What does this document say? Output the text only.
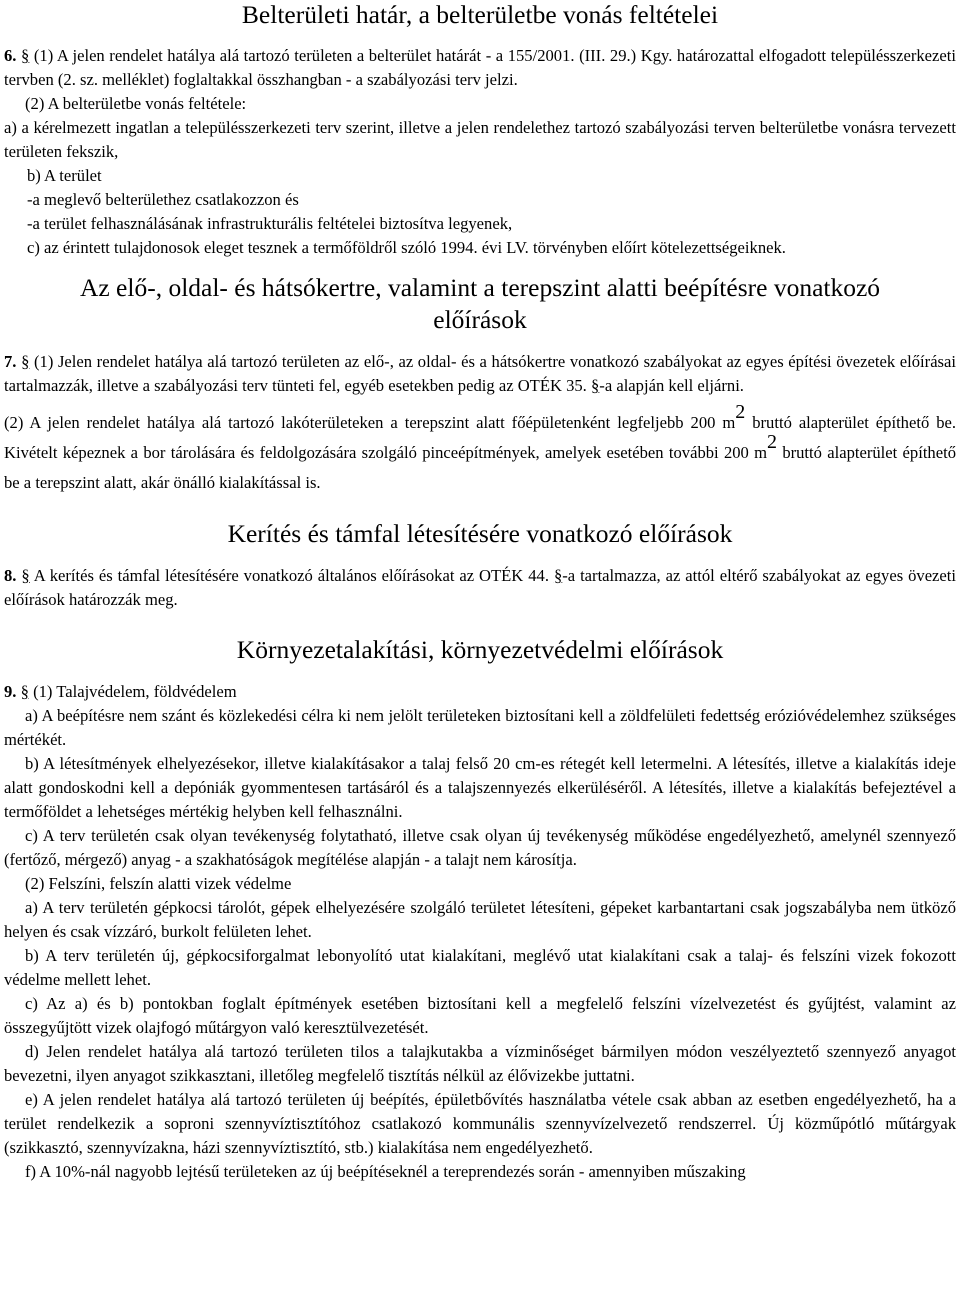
Belterületi határ, a belterületbe vonás feltételei

6. § (1) A jelen rendelet hatálya alá tartozó területen a belterület határát - a 155/2001. (III. 29.) Kgy. határozattal elfogadott településszerkezeti tervben (2. sz. melléklet) foglaltakkal összhangban - a szabályozási terv jelzi.

(2) A belterületbe vonás feltétele:

a) a kérelmezett ingatlan a településszerkezeti terv szerint, illetve a jelen rendelethez tartozó szabályozási terven belterületbe vonásra tervezett területen fekszik,

b) A terület

-a meglevő belterülethez csatlakozzon és

-a terület felhasználásának infrastrukturális feltételei biztosítva legyenek,

c) az érintett tulajdonosok eleget tesznek a termőföldről szóló 1994. évi LV. törvényben előírt kötelezettségeiknek.

Az elő-, oldal- és hátsókertre, valamint a terepszint alatti beépítésre vonatkozó előírások

7. § (1) Jelen rendelet hatálya alá tartozó területen az elő-, az oldal- és a hátsókertre vonatkozó szabályokat az egyes építési övezetek előírásai tartalmazzák, illetve a szabályozási terv tünteti fel, egyéb esetekben pedig az OTÉK 35. §-a alapján kell eljárni.

(2) A jelen rendelet hatálya alá tartozó lakóterületeken a terepszint alatt főépületenként legfeljebb 200 $m^2$ bruttó alapterület építhető be. Kivételt képeznek a bor tárolására és feldolgozására szolgáló pinceépítmények, amelyek esetében további 200 $m^2$ bruttó alapterület építhető be a terepszint alatt, akár önálló kialakítással is.

Kerítés és támfal létesítésére vonatkozó előírások

8. § A kerítés és támfal létesítésére vonatkozó általános előírásokat az OTÉK 44. §-a tartalmazza, az attól eltérő szabályokat az egyes övezeti előírások határozzák meg.

Környezetalakítási, környezetvédelmi előírások

9. § (1) Talajvédelem, földvédelem

a) A beépítésre nem szánt és közlekedési célra ki nem jelölt területeken biztosítani kell a zöldfelületi fedettség erózióvédelemhez szükséges mértékét.

b) A létesítmények elhelyezésekor, illetve kialakításakor a talaj felső 20 cm-es rétegét kell letermelni. A létesítés, illetve a kialakítás ideje alatt gondoskodni kell a depóniák gyommentesen tartásáról és a talajszennyezés elkerüléséről. A létesítés, illetve a kialakítás befejeztével a termőföldet a lehetséges mértékig helyben kell felhasználni.

c) A terv területén csak olyan tevékenység folytatható, illetve csak olyan új tevékenység működése engedélyezhető, amelynél szennyező (fertőző, mérgező) anyag - a szakhatóságok megítélése alapján - a talajt nem károsítja.

(2) Felszíni, felszín alatti vizek védelme

a) A terv területén gépkocsi tárolót, gépek elhelyezésére szolgáló területet létesíteni, gépeket karbantartani csak jogszabályba nem ütköző helyen és csak vízzáró, burkolt felületen lehet.

b) A terv területén új, gépkocsiforgalmat lebonyolító utat kialakítani, meglévő utat kialakítani csak a talaj- és felszíni vizek fokozott védelme mellett lehet.

c) Az a) és b) pontokban foglalt építmények esetében biztosítani kell a megfelelő felszíni vízelvezetést és gyűjtést, valamint az összegyűjtött vizek olajfogó műtárgyon való keresztülvezetését.

d) Jelen rendelet hatálya alá tartozó területen tilos a talajkutakba a vízminőséget bármilyen módon veszélyeztető szennyező anyagot bevezetni, ilyen anyagot szikkasztani, illetőleg megfelelő tisztítás nélkül az élővizekbe juttatni.

e) A jelen rendelet hatálya alá tartozó területen új beépítés, épületbővítés használatba vétele csak abban az esetben engedélyezhető, ha a terület rendelkezik a soproni szennyvíztisztítóhoz csatlakozó kommunális szennyvízelvezető rendszerrel. Új közműpótló műtárgyak (szikkasztó, szennyvízakna, házi szennyvíztisztító, stb.) kialakítása nem engedélyezhető.

f) A 10%-nál nagyobb lejtésű területeken az új beépítéseknél a tereprendezés során - amennyiben műszaking
